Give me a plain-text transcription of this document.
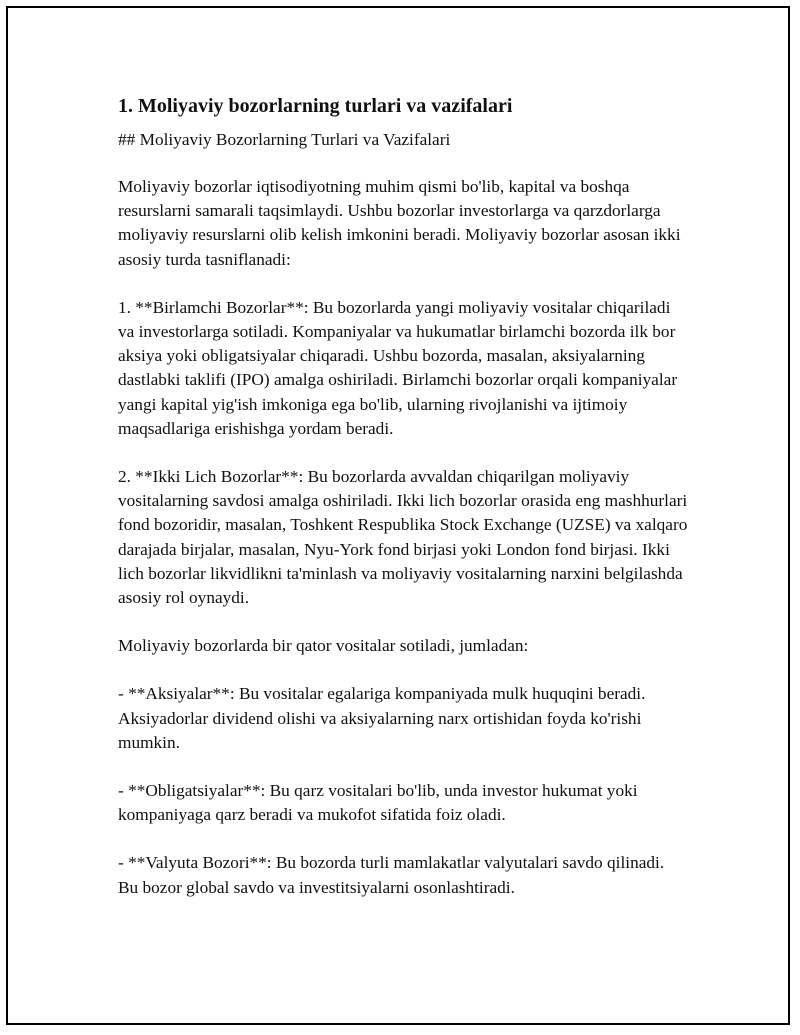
1. Moliyaviy bozorlarning turlari va vazifalari

## Moliyaviy Bozorlarning Turlari va Vazifalari

Moliyaviy bozorlar iqtisodiyotning muhim qismi bo'lib, kapital va boshqa resurslarni samarali taqsimlaydi. Ushbu bozorlar investorlarga va qarzdorlarga moliyaviy resurslarni olib kelish imkonini beradi. Moliyaviy bozorlar asosan ikki asosiy turda tasniflanadi:

1. **Birlamchi Bozorlar**: Bu bozorlarda yangi moliyaviy vositalar chiqariladi va investorlarga sotiladi. Kompaniyalar va hukumatlar birlamchi bozorda ilk bor aksiya yoki obligatsiyalar chiqaradi. Ushbu bozorda, masalan, aksiyalarning dastlabki taklifi (IPO) amalga oshiriladi. Birlamchi bozorlar orqali kompaniyalar yangi kapital yig'ish imkoniga ega bo'lib, ularning rivojlanishi va ijtimoiy maqsadlariga erishishga yordam beradi.

2. **Ikki Lich Bozorlar**: Bu bozorlarda avvaldan chiqarilgan moliyaviy vositalarning savdosi amalga oshiriladi. Ikki lich bozorlar orasida eng mashhurlari fond bozoridir, masalan, Toshkent Respublika Stock Exchange (UZSE) va xalqaro darajada birjalar, masalan, Nyu-York fond birjasi yoki London fond birjasi. Ikki lich bozorlar likvidlikni ta'minlash va moliyaviy vositalarning narxini belgilashda asosiy rol oynaydi.

Moliyaviy bozorlarda bir qator vositalar sotiladi, jumladan:

- **Aksiyalar**: Bu vositalar egalariga kompaniyada mulk huquqini beradi. Aksiyadorlar dividend olishi va aksiyalarning narx ortishidan foyda ko'rishi mumkin.

- **Obligatsiyalar**: Bu qarz vositalari bo'lib, unda investor hukumat yoki kompaniyaga qarz beradi va mukofot sifatida foiz oladi.

- **Valyuta Bozori**: Bu bozorda turli mamlakatlar valyutalari savdo qilinadi. Bu bozor global savdo va investitsiyalarni osonlashtiradi.
